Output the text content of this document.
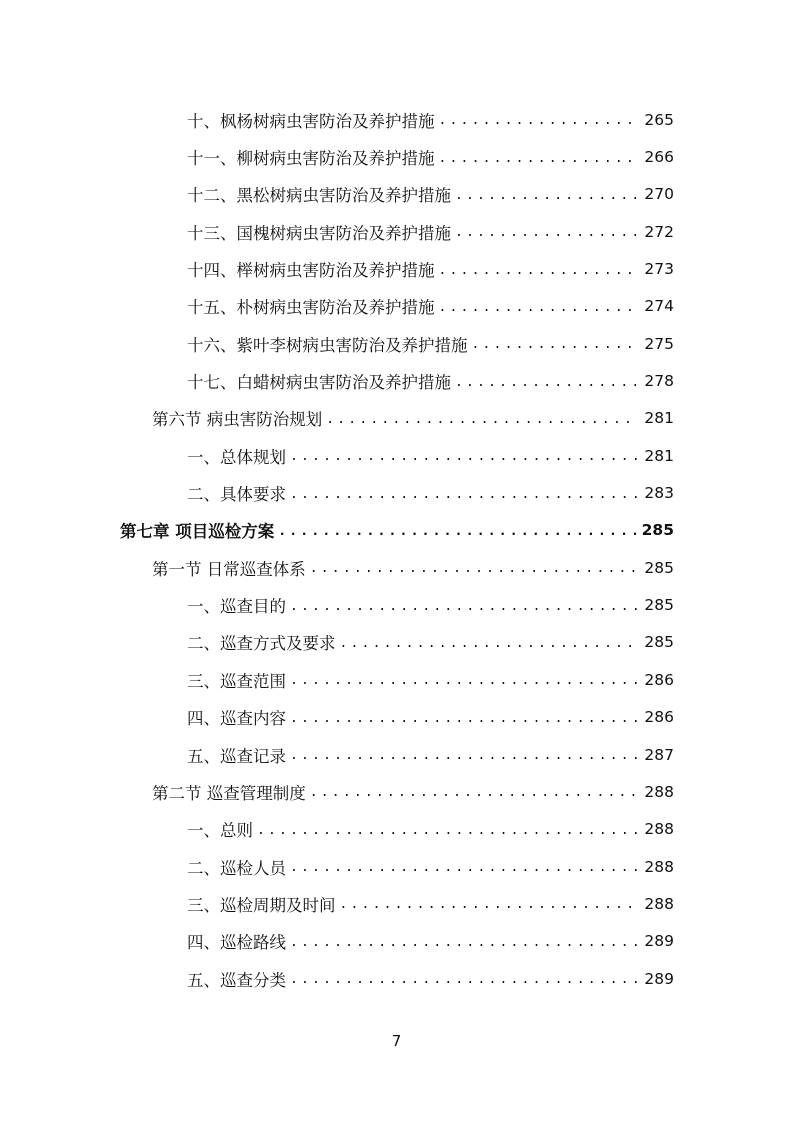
十、枫杨树病虫害防治及养护措施 .....	265
十一、柳树病虫害防治及养护措施 .....	266
十二、黑松树病虫害防治及养护措施 .....	270
十三、国槐树病虫害防治及养护措施 .....	272
十四、榉树病虫害防治及养护措施 .....	273
十五、朴树病虫害防治及养护措施 .....	274
十六、紫叶李树病虫害防治及养护措施 .....	275
十七、白蜡树病虫害防治及养护措施 .....	278
第六节 病虫害防治规划 .....	281
一、总体规划 .....	281
二、具体要求 .....	283
第七章 项目巡检方案 .....	285
第一节 日常巡查体系 .....	285
一、巡查目的 .....	285
二、巡查方式及要求 .....	285
三、巡查范围 .....	286
四、巡查内容 .....	286
五、巡查记录 .....	287
第二节 巡查管理制度 .....	288
一、总则 .....	288
二、巡检人员 .....	288
三、巡检周期及时间 .....	288
四、巡检路线 .....	289
五、巡查分类 .....	289
7
